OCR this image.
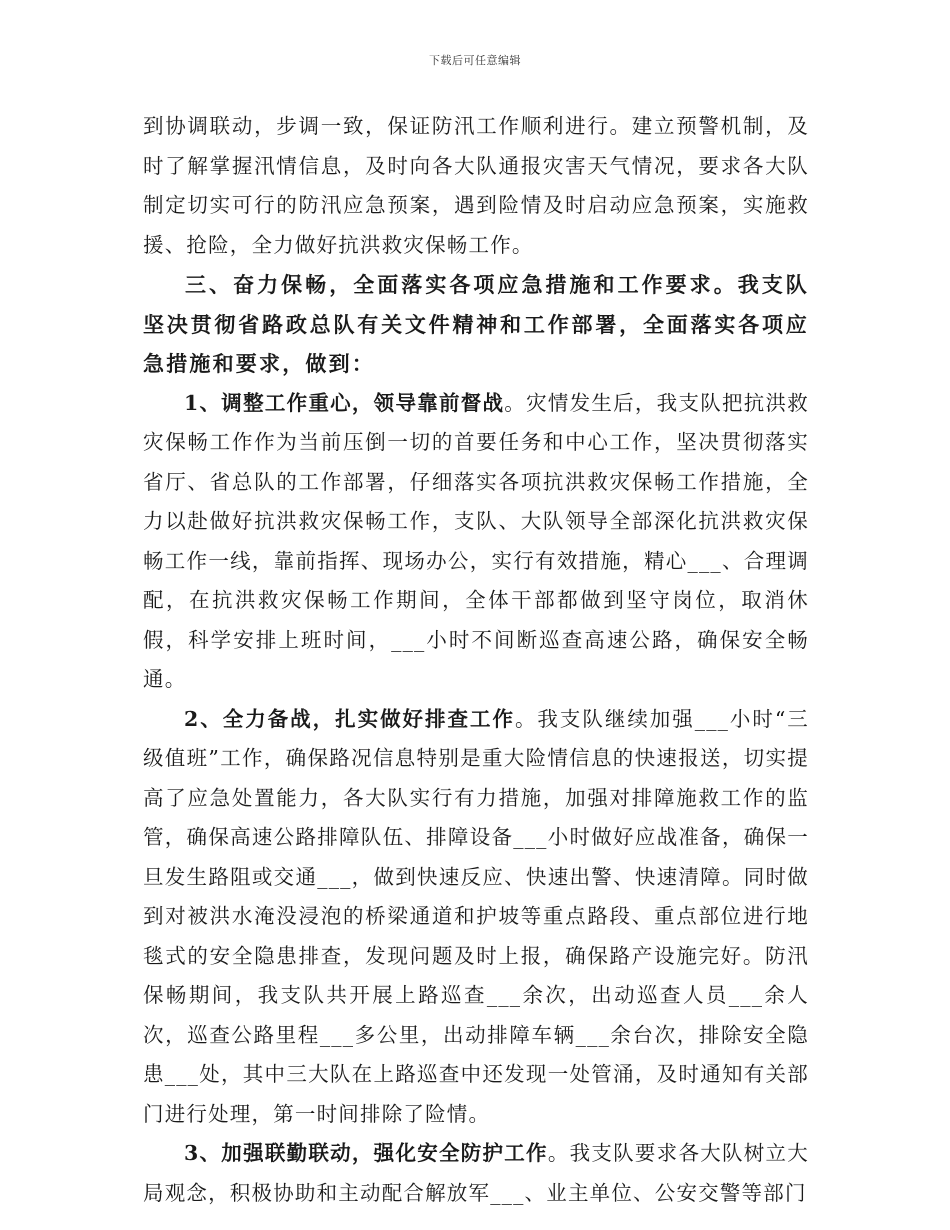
下载后可任意编辑

到协调联动，步调一致，保证防汛工作顺利进行。建立预警机制，及时了解掌握汛情信息，及时向各大队通报灾害天气情况，要求各大队制定切实可行的防汛应急预案，遇到险情及时启动应急预案，实施救援、抢险，全力做好抗洪救灾保畅工作。

三、奋力保畅，全面落实各项应急措施和工作要求。我支队坚决贯彻省路政总队有关文件精神和工作部署，全面落实各项应急措施和要求，做到：

1、调整工作重心，领导靠前督战。灾情发生后，我支队把抗洪救灾保畅工作作为当前压倒一切的首要任务和中心工作，坚决贯彻落实省厅、省总队的工作部署，仔细落实各项抗洪救灾保畅工作措施，全力以赴做好抗洪救灾保畅工作，支队、大队领导全部深化抗洪救灾保畅工作一线，靠前指挥、现场办公，实行有效措施，精心___、合理调配，在抗洪救灾保畅工作期间，全体干部都做到坚守岗位，取消休假，科学安排上班时间，___小时不间断巡查高速公路，确保安全畅通。

2、全力备战，扎实做好排查工作。我支队继续加强___小时“三级值班”工作，确保路况信息特别是重大险情信息的快速报送，切实提高了应急处置能力，各大队实行有力措施，加强对排障施救工作的监管，确保高速公路排障队伍、排障设备___小时做好应战准备，确保一旦发生路阻或交通___，做到快速反应、快速出警、快速清障。同时做到对被洪水淹没浸泡的桥梁通道和护坡等重点路段、重点部位进行地毯式的安全隐患排查，发现问题及时上报，确保路产设施完好。防汛保畅期间，我支队共开展上路巡查___余次，出动巡查人员___余人次，巡查公路里程___多公里，出动排障车辆___余台次，排除安全隐患___处，其中三大队在上路巡查中还发现一处管涌，及时通知有关部门进行处理，第一时间排除了险情。

3、加强联勤联动，强化安全防护工作。我支队要求各大队树立大局观念，积极协助和主动配合解放军___、业主单位、公安交警等部门
